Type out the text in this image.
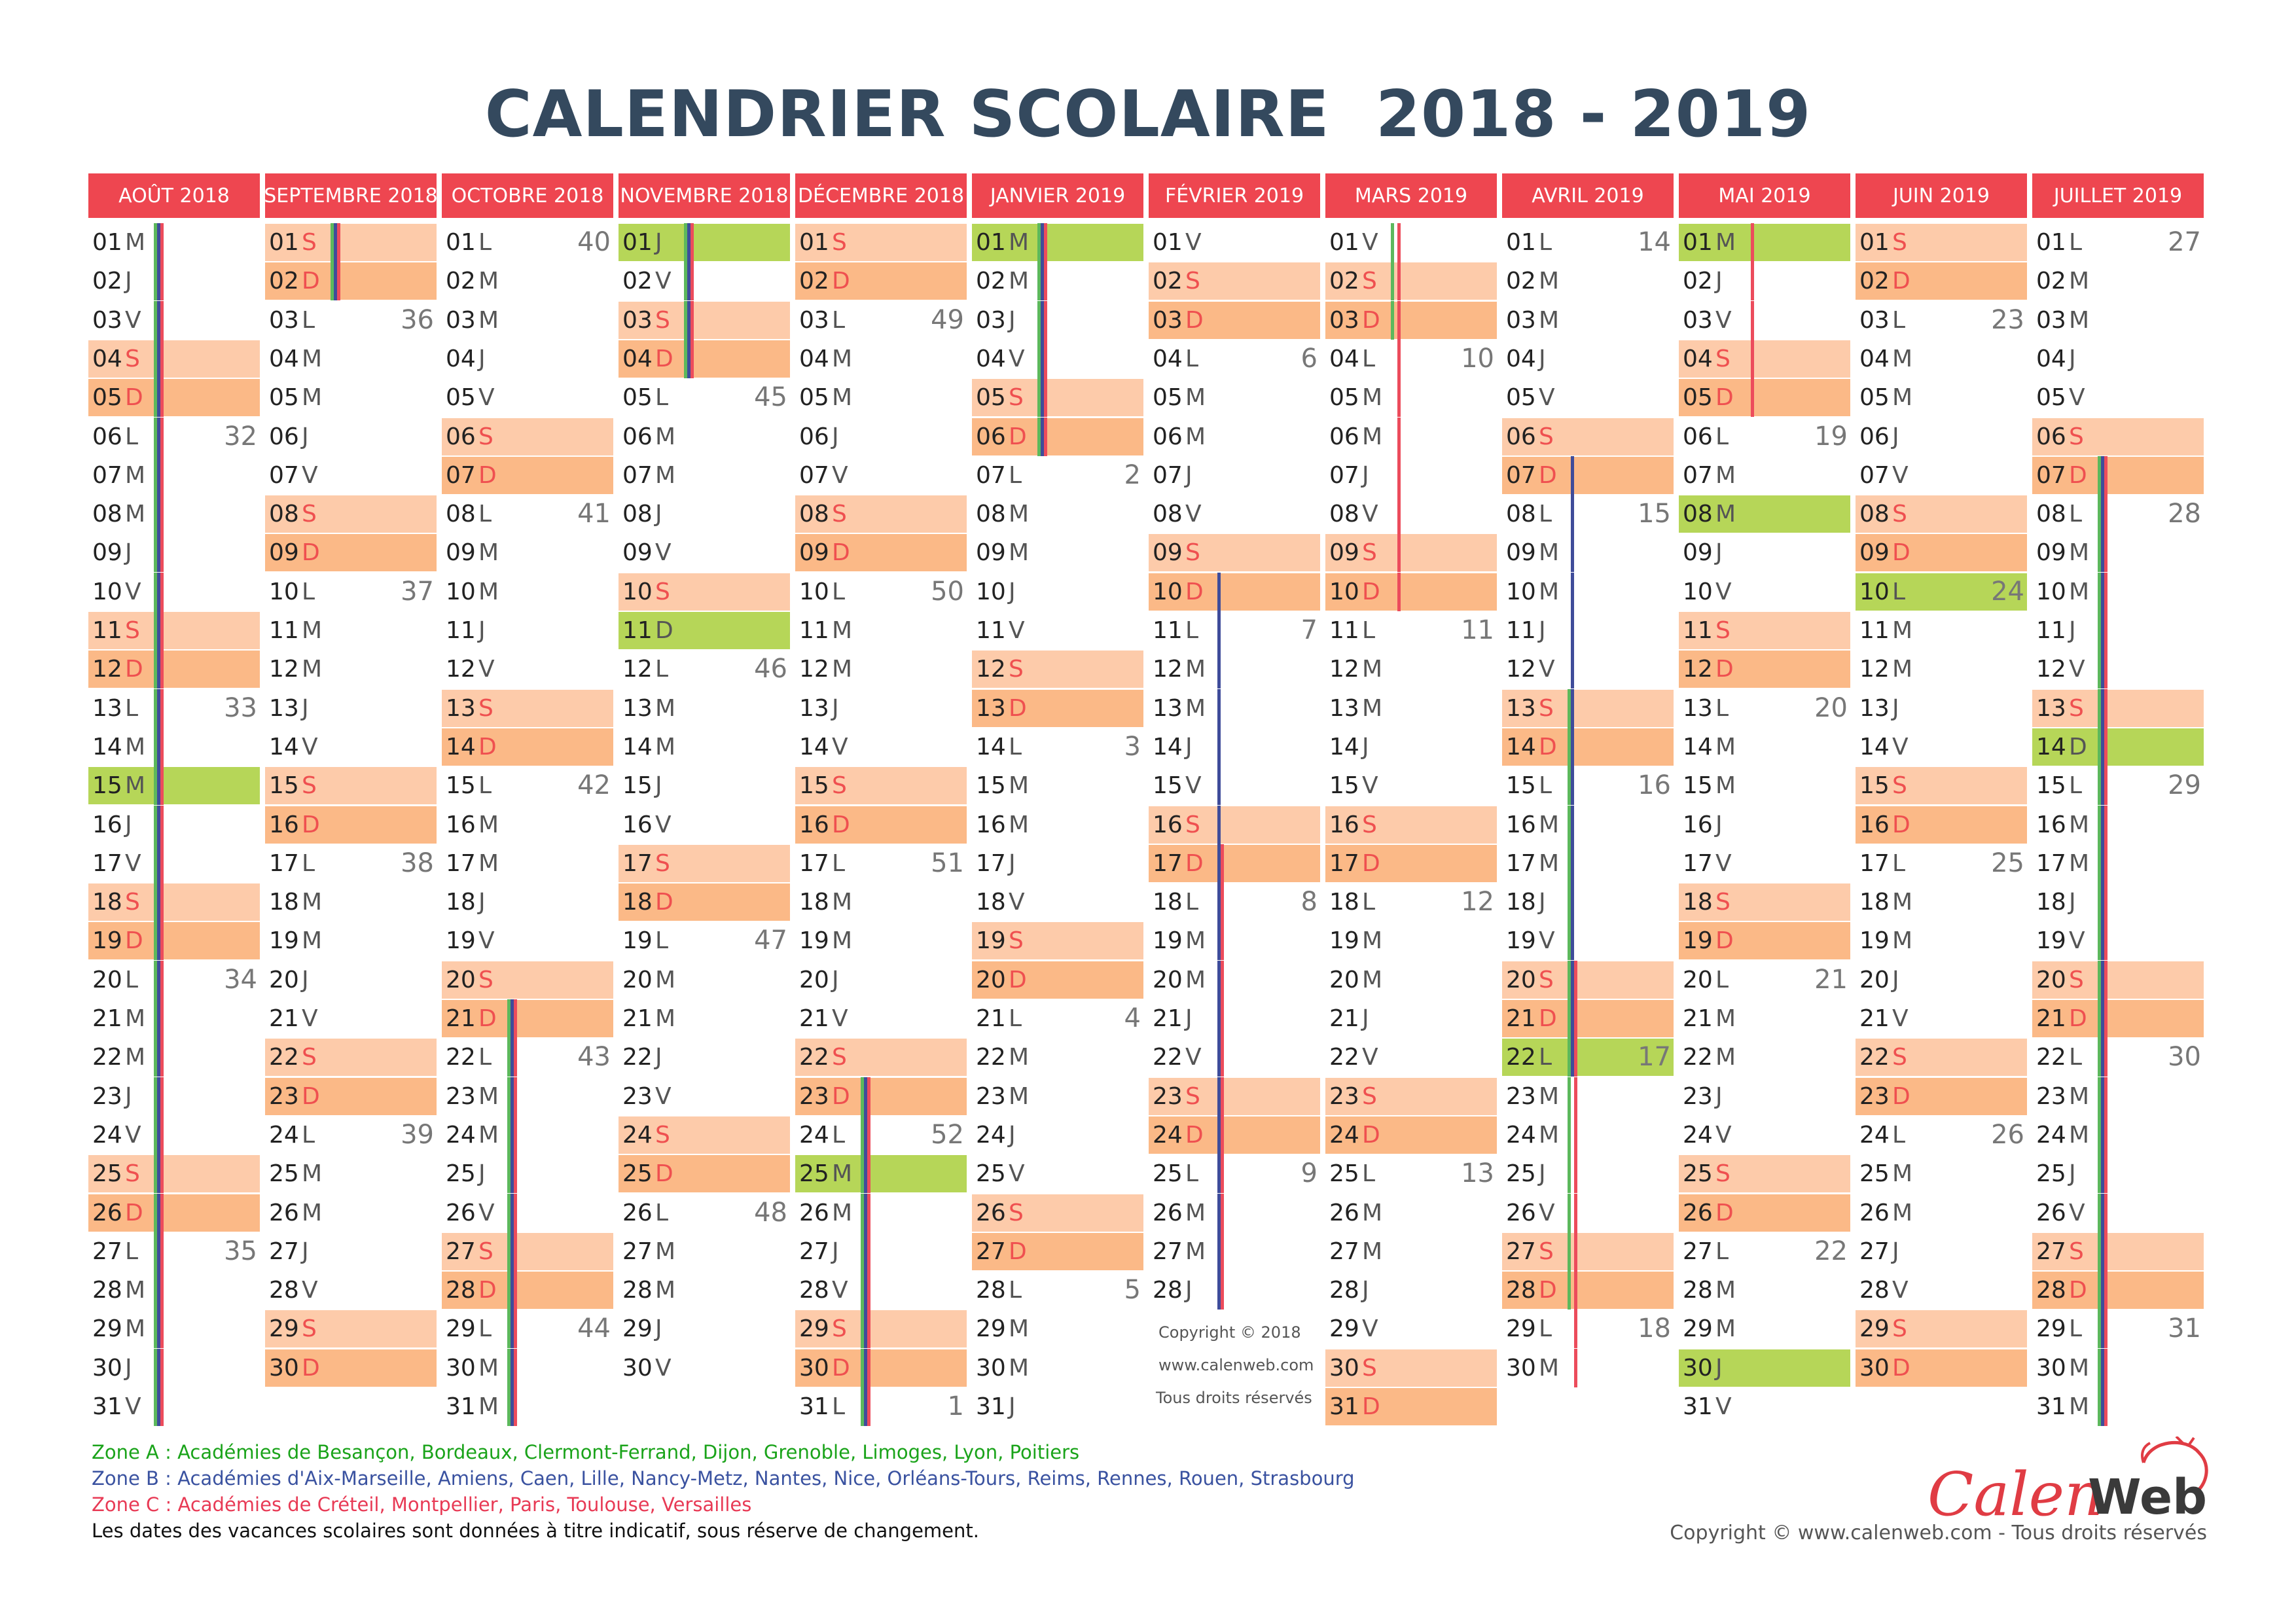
CALENDRIER SCOLAIRE  2018 - 2019
AOÛT 2018
01 M
02 J
03 V
04 S
05 D
06 L	32
07 M
08 M
09 J
10 V
11 S
12 D
13 L	33
14 M
15 M
16 J
17 V
18 S
19 D
20 L	34
21 M
22 M
23 J
24 V
25 S
26 D
27 L	35
28 M
29 M
30 J
31 V
SEPTEMBRE 2018
01 S
02 D
03 L	36
04 M
05 M
06 J
07 V
08 S
09 D
10 L	37
11 M
12 M
13 J
14 V
15 S
16 D
17 L	38
18 M
19 M
20 J
21 V
22 S
23 D
24 L	39
25 M
26 M
27 J
28 V
29 S
30 D
OCTOBRE 2018
01 L	40
02 M
03 M
04 J
05 V
06 S
07 D
08 L	41
09 M
10 M
11 J
12 V
13 S
14 D
15 L	42
16 M
17 M
18 J
19 V
20 S
21 D
22 L	43
23 M
24 M
25 J
26 V
27 S
28 D
29 L	44
30 M
31 M
NOVEMBRE 2018
01 J
02 V
03 S
04 D
05 L	45
06 M
07 M
08 J
09 V
10 S
11 D
12 L	46
13 M
14 M
15 J
16 V
17 S
18 D
19 L	47
20 M
21 M
22 J
23 V
24 S
25 D
26 L	48
27 M
28 M
29 J
30 V
DÉCEMBRE 2018
01 S
02 D
03 L	49
04 M
05 M
06 J
07 V
08 S
09 D
10 L	50
11 M
12 M
13 J
14 V
15 S
16 D
17 L	51
18 M
19 M
20 J
21 V
22 S
23 D
24 L	52
25 M
26 M
27 J
28 V
29 S
30 D
31 L	1
JANVIER 2019
01 M
02 M
03 J
04 V
05 S
06 D
07 L	2
08 M
09 M
10 J
11 V
12 S
13 D
14 L	3
15 M
16 M
17 J
18 V
19 S
20 D
21 L	4
22 M
23 M
24 J
25 V
26 S
27 D
28 L	5
29 M
30 M
31 J
FÉVRIER 2019
01 V
02 S
03 D
04 L	6
05 M
06 M
07 J
08 V
09 S
10 D
11 L	7
12 M
13 M
14 J
15 V
16 S
17 D
18 L	8
19 M
20 M
21 J
22 V
23 S
24 D
25 L	9
26 M
27 M
28 J
MARS 2019
01 V
02 S
03 D
04 L	10
05 M
06 M
07 J
08 V
09 S
10 D
11 L	11
12 M
13 M
14 J
15 V
16 S
17 D
18 L	12
19 M
20 M
21 J
22 V
23 S
24 D
25 L	13
26 M
27 M
28 J
29 V
30 S
31 D
AVRIL 2019
01 L	14
02 M
03 M
04 J
05 V
06 S
07 D
08 L	15
09 M
10 M
11 J
12 V
13 S
14 D
15 L	16
16 M
17 M
18 J
19 V
20 S
21 D
22 L	17
23 M
24 M
25 J
26 V
27 S
28 D
29 L	18
30 M
MAI 2019
01 M
02 J
03 V
04 S
05 D
06 L	19
07 M
08 M
09 J
10 V
11 S
12 D
13 L	20
14 M
15 M
16 J
17 V
18 S
19 D
20 L	21
21 M
22 M
23 J
24 V
25 S
26 D
27 L	22
28 M
29 M
30 J
31 V
JUIN 2019
01 S
02 D
03 L	23
04 M
05 M
06 J
07 V
08 S
09 D
10 L	24
11 M
12 M
13 J
14 V
15 S
16 D
17 L	25
18 M
19 M
20 J
21 V
22 S
23 D
24 L	26
25 M
26 M
27 J
28 V
29 S
30 D
JUILLET 2019
01 L	27
02 M
03 M
04 J
05 V
06 S
07 D
08 L	28
09 M
10 M
11 J
12 V
13 S
14 D
15 L	29
16 M
17 M
18 J
19 V
20 S
21 D
22 L	30
23 M
24 M
25 J
26 V
27 S
28 D
29 L	31
30 M
31 M
Copyright © 2018
www.calenweb.com
Tous droits réservés
Zone A : Académies de Besançon, Bordeaux, Clermont-Ferrand, Dijon, Grenoble, Limoges, Lyon, Poitiers
Zone B : Académies d'Aix-Marseille, Amiens, Caen, Lille, Nancy-Metz, Nantes, Nice, Orléans-Tours, Reims, Rennes, Rouen, Strasbourg
Zone C : Académies de Créteil, Montpellier, Paris, Toulouse, Versailles
Les dates des vacances scolaires sont données à titre indicatif, sous réserve de changement.
Calen
Web
Copyright © www.calenweb.com - Tous droits réservés
